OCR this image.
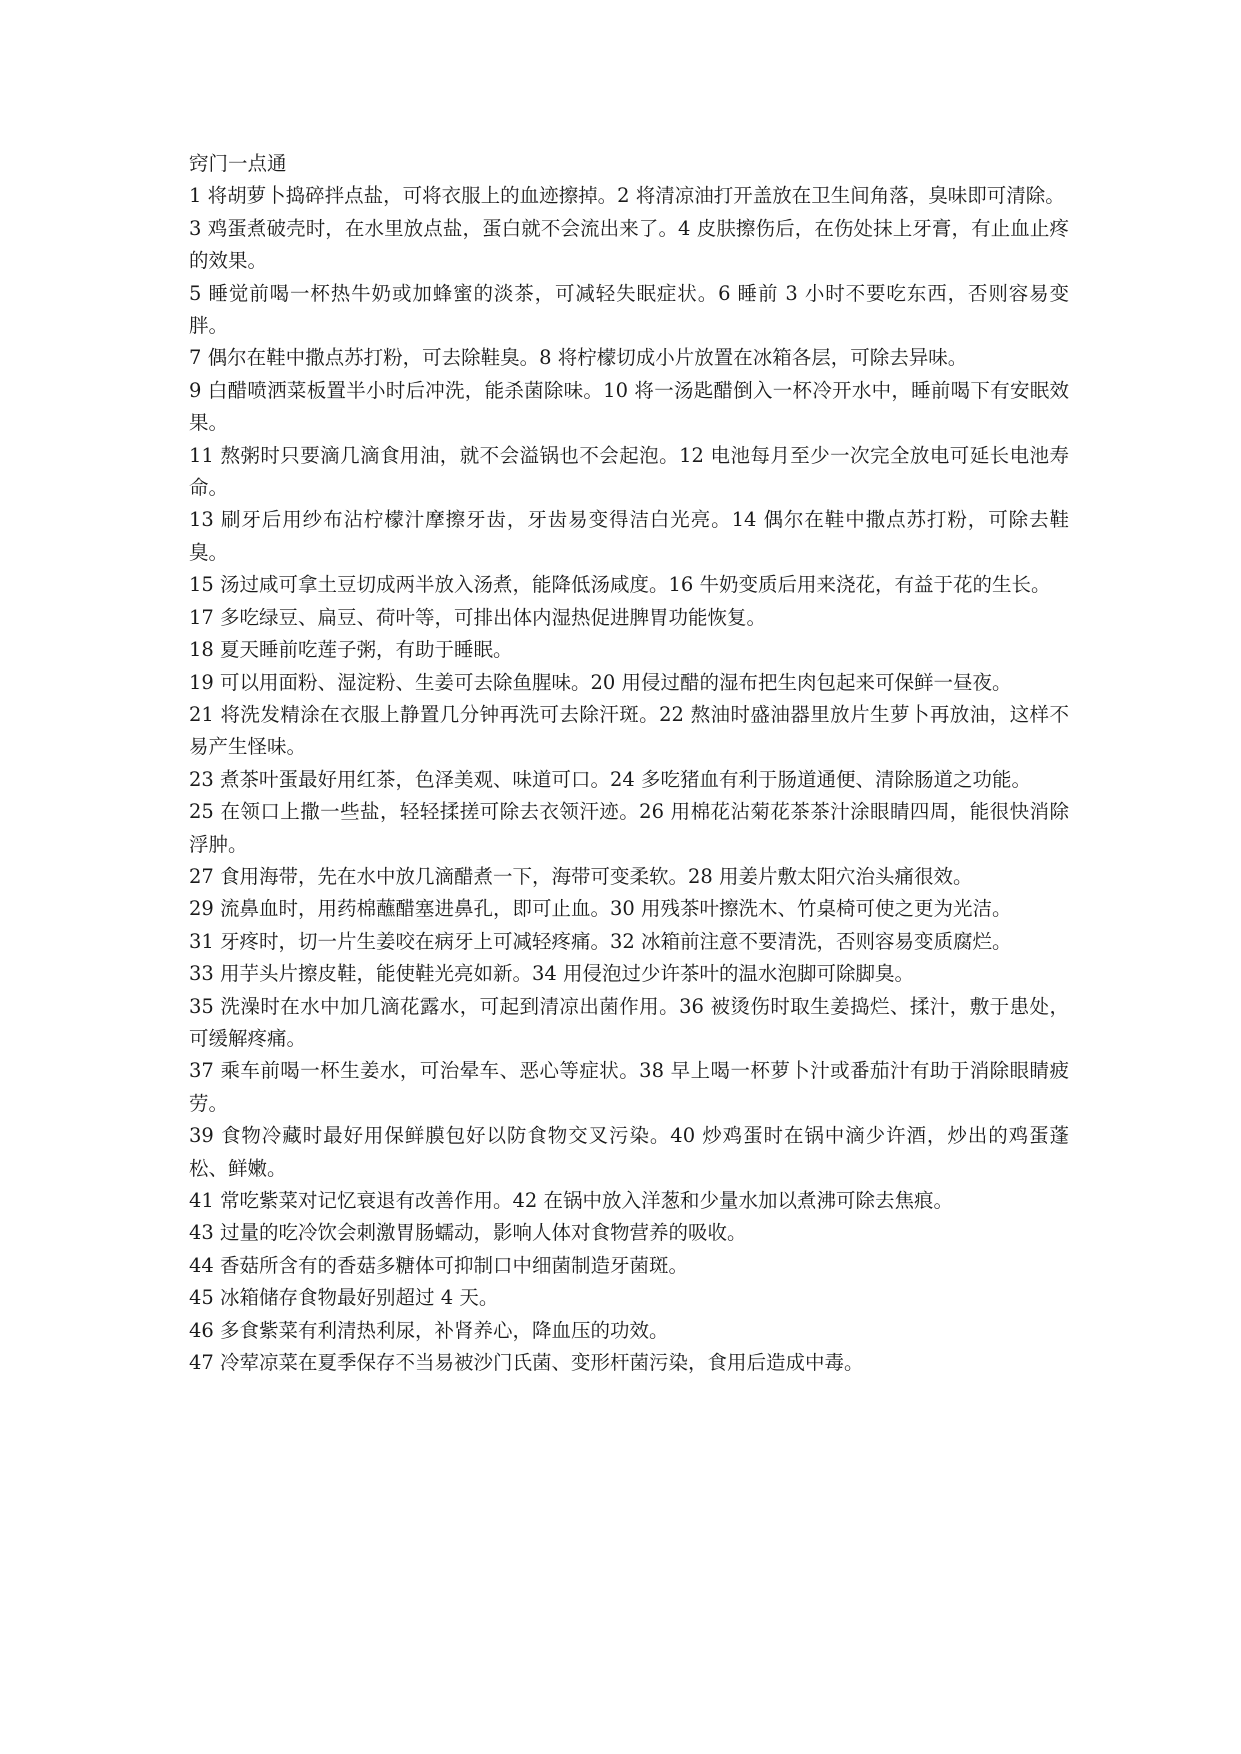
窍门一点通

1 将胡萝卜捣碎拌点盐，可将衣服上的血迹擦掉。2 将清凉油打开盖放在卫生间角落，臭味即可清除。

3 鸡蛋煮破壳时，在水里放点盐，蛋白就不会流出来了。4 皮肤擦伤后，在伤处抹上牙膏，有止血止疼的效果。

5 睡觉前喝一杯热牛奶或加蜂蜜的淡茶，可减轻失眠症状。6 睡前 3 小时不要吃东西，否则容易变胖。

7 偶尔在鞋中撒点苏打粉，可去除鞋臭。8 将柠檬切成小片放置在冰箱各层，可除去异味。

9 白醋喷洒菜板置半小时后冲洗，能杀菌除味。10 将一汤匙醋倒入一杯冷开水中，睡前喝下有安眠效果。

11 熬粥时只要滴几滴食用油，就不会溢锅也不会起泡。12 电池每月至少一次完全放电可延长电池寿命。

13 刷牙后用纱布沾柠檬汁摩擦牙齿，牙齿易变得洁白光亮。14 偶尔在鞋中撒点苏打粉，可除去鞋臭。

15 汤过咸可拿土豆切成两半放入汤煮，能降低汤咸度。16 牛奶变质后用来浇花，有益于花的生长。

17 多吃绿豆、扁豆、荷叶等，可排出体内湿热促进脾胃功能恢复。

18 夏天睡前吃莲子粥，有助于睡眠。

19 可以用面粉、湿淀粉、生姜可去除鱼腥味。20 用侵过醋的湿布把生肉包起来可保鲜一昼夜。

21 将洗发精涂在衣服上静置几分钟再洗可去除汗斑。22 熬油时盛油器里放片生萝卜再放油，这样不易产生怪味。

23 煮茶叶蛋最好用红茶，色泽美观、味道可口。24 多吃猪血有利于肠道通便、清除肠道之功能。

25 在领口上撒一些盐，轻轻揉搓可除去衣领汗迹。26 用棉花沾菊花茶茶汁涂眼睛四周，能很快消除浮肿。

27 食用海带，先在水中放几滴醋煮一下，海带可变柔软。28 用姜片敷太阳穴治头痛很效。

29 流鼻血时，用药棉蘸醋塞进鼻孔，即可止血。30 用残茶叶擦洗木、竹桌椅可使之更为光洁。

31 牙疼时，切一片生姜咬在病牙上可减轻疼痛。32 冰箱前注意不要清洗，否则容易变质腐烂。

33 用芋头片擦皮鞋，能使鞋光亮如新。34 用侵泡过少许茶叶的温水泡脚可除脚臭。

35 洗澡时在水中加几滴花露水，可起到清凉出菌作用。36 被烫伤时取生姜捣烂、揉汁，敷于患处，可缓解疼痛。

37 乘车前喝一杯生姜水，可治晕车、恶心等症状。38 早上喝一杯萝卜汁或番茄汁有助于消除眼睛疲劳。

39 食物冷藏时最好用保鲜膜包好以防食物交叉污染。40 炒鸡蛋时在锅中滴少许酒，炒出的鸡蛋蓬松、鲜嫩。

41 常吃紫菜对记忆衰退有改善作用。42 在锅中放入洋葱和少量水加以煮沸可除去焦痕。

43 过量的吃冷饮会刺激胃肠蠕动，影响人体对食物营养的吸收。

44 香菇所含有的香菇多糖体可抑制口中细菌制造牙菌斑。

45 冰箱储存食物最好别超过 4 天。

46 多食紫菜有利清热利尿，补肾养心，降血压的功效。

47 冷荤凉菜在夏季保存不当易被沙门氏菌、变形杆菌污染，食用后造成中毒。
